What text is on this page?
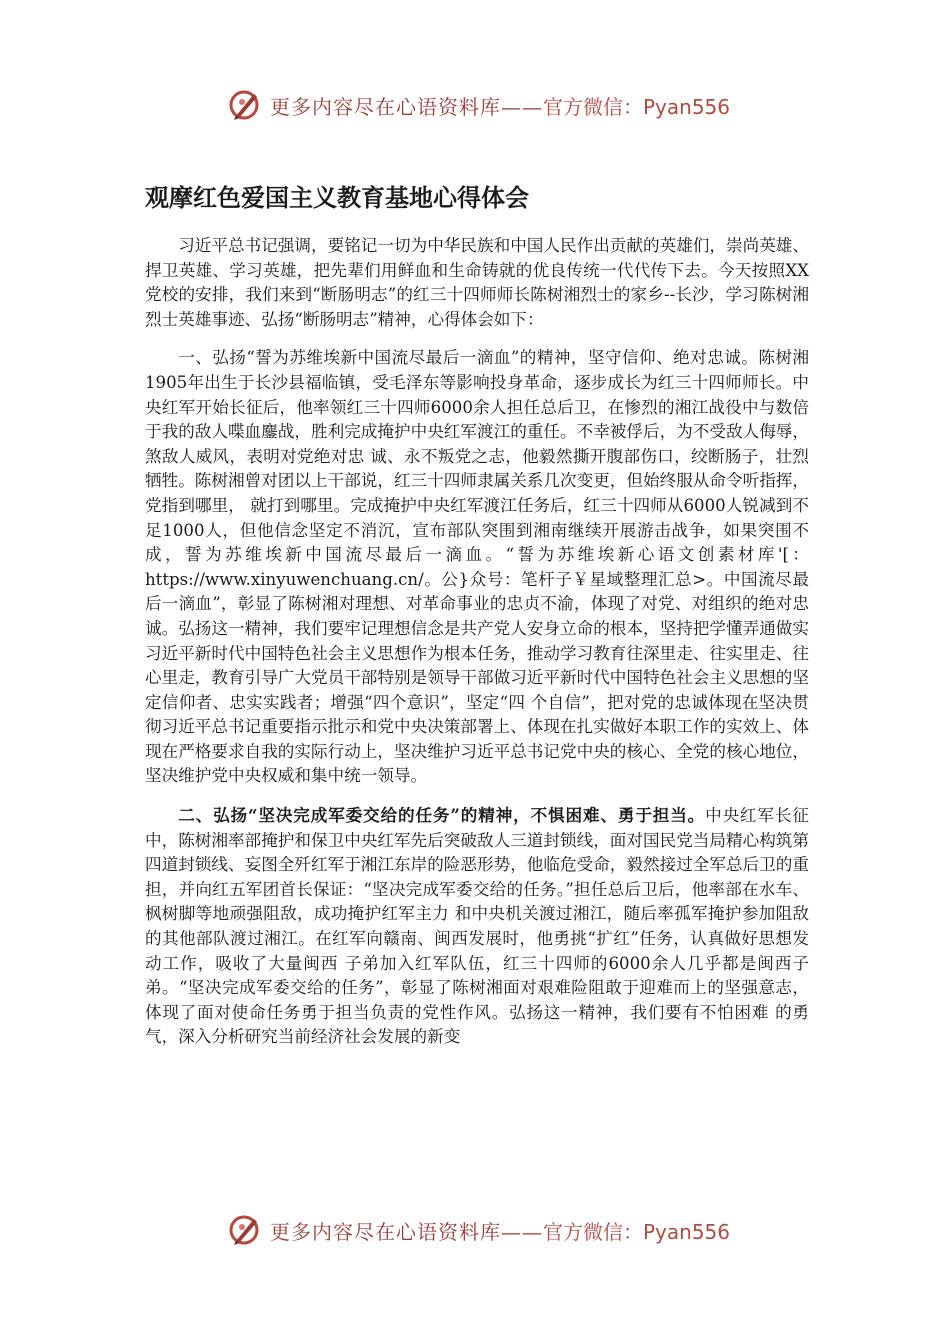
更多内容尽在心语资料库——官方微信：Pyan556
观摩红色爱国主义教育基地心得体会

习近平总书记强调，要铭记一切为中华民族和中国人民作出贡献的英雄们，崇尚英雄、捍卫英雄、学习英雄，把先辈们用鲜血和生命铸就的优良传统一代代传下去。今天按照XX党校的安排，我们来到“断肠明志”的红三十四师师长陈树湘烈士的家乡--长沙，学习陈树湘烈士英雄事迹、弘扬“断肠明志”精神，心得体会如下：

一、弘扬“誓为苏维埃新中国流尽最后一滴血”的精神，坚守信仰、绝对忠诚。陈树湘1905年出生于长沙县福临镇，受毛泽东等影响投身革命，逐步成长为红三十四师师长。中央红军开始长征后，他率领红三十四师6000余人担任总后卫，在惨烈的湘江战役中与数倍于我的敌人喋血鏖战，胜利完成掩护中央红军渡江的重任。不幸被俘后，为不受敌人侮辱，煞敌人威风，表明对党绝对忠 诚、永不叛党之志，他毅然撕开腹部伤口，绞断肠子，壮烈牺牲。陈树湘曾对团以上干部说，红三十四师隶属关系几次变更，但始终服从命令听指挥，党指到哪里， 就打到哪里。完成掩护中央红军渡江任务后，红三十四师从6000人锐减到不足1000人，但他信念坚定不消沉，宣布部队突围到湘南继续开展游击战争，如果突围不成，誓为苏维埃新中国流尽最后一滴血。“誓为苏维埃新心语文创素材库'[：https://www.xinyuwenchuang.cn/。公}众号：笔杆子￥星域整理汇总>。中国流尽最后一滴血”，彰显了陈树湘对理想、对革命事业的忠贞不渝，体现了对党、对组织的绝对忠诚。弘扬这一精神，我们要牢记理想信念是共产党人安身立命的根本，坚持把学懂弄通做实习近平新时代中国特色社会主义思想作为根本任务，推动学习教育往深里走、往实里走、往心里走，教育引导广大党员干部特别是领导干部做习近平新时代中国特色社会主义思想的坚定信仰者、忠实实践者；增强“四个意识”，坚定“四 个自信”，把对党的忠诚体现在坚决贯彻习近平总书记重要指示批示和党中央决策部署上、体现在扎实做好本职工作的实效上、体现在严格要求自我的实际行动上，坚决维护习近平总书记党中央的核心、全党的核心地位，坚决维护党中央权威和集中统一领导。

二、弘扬“坚决完成军委交给的任务”的精神，不惧困难、勇于担当。中央红军长征中，陈树湘率部掩护和保卫中央红军先后突破敌人三道封锁线，面对国民党当局精心构筑第四道封锁线、妄图全歼红军于湘江东岸的险恶形势，他临危受命，毅然接过全军总后卫的重担，并向红五军团首长保证：“坚决完成军委交给的任务。”担任总后卫后，他率部在水车、枫树脚等地顽强阻敌，成功掩护红军主力 和中央机关渡过湘江，随后率孤军掩护参加阻敌的其他部队渡过湘江。在红军向赣南、闽西发展时，他勇挑“扩红”任务，认真做好思想发动工作，吸收了大量闽西 子弟加入红军队伍，红三十四师的6000余人几乎都是闽西子弟。“坚决完成军委交给的任务”，彰显了陈树湘面对艰难险阻敢于迎难而上的坚强意志，体现了面对使命任务勇于担当负责的党性作风。弘扬这一精神，我们要有不怕困难 的勇气，深入分析研究当前经济社会发展的新变

更多内容尽在心语资料库——官方微信：Pyan556
